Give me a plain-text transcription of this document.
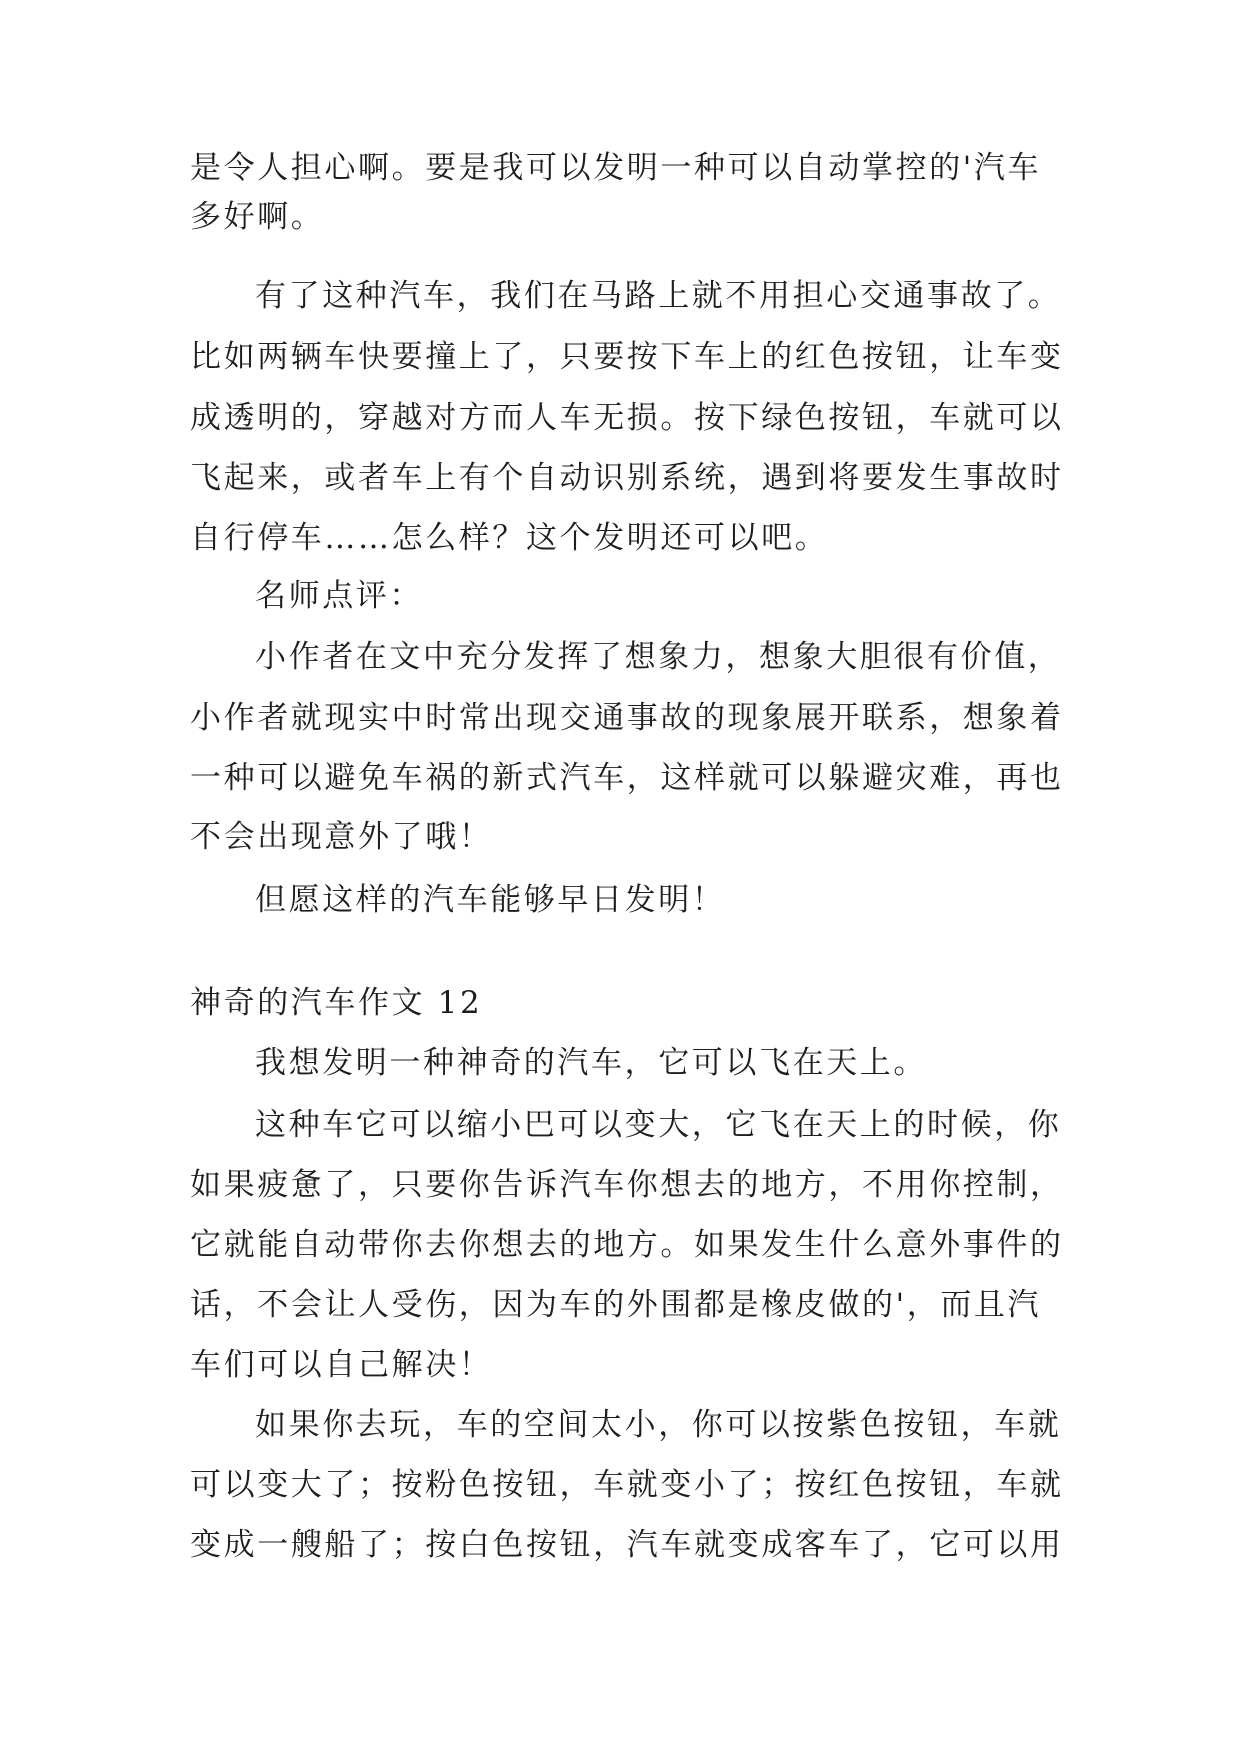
是令人担心啊。要是我可以发明一种可以自动掌控的'汽车
多好啊。
有了这种汽车，我们在马路上就不用担心交通事故了。
比如两辆车快要撞上了，只要按下车上的红色按钮，让车变
成透明的，穿越对方而人车无损。按下绿色按钮，车就可以
飞起来，或者车上有个自动识别系统，遇到将要发生事故时
自行停车……怎么样？这个发明还可以吧。
名师点评：
小作者在文中充分发挥了想象力，想象大胆很有价值，
小作者就现实中时常出现交通事故的现象展开联系，想象着
一种可以避免车祸的新式汽车，这样就可以躲避灾难，再也
不会出现意外了哦！
但愿这样的汽车能够早日发明！
神奇的汽车作文 12
我想发明一种神奇的汽车，它可以飞在天上。
这种车它可以缩小巴可以变大，它飞在天上的时候，你
如果疲惫了，只要你告诉汽车你想去的地方，不用你控制，
它就能自动带你去你想去的地方。如果发生什么意外事件的
话，不会让人受伤，因为车的外围都是橡皮做的'，而且汽
车们可以自己解决！
如果你去玩，车的空间太小，你可以按紫色按钮，车就
可以变大了；按粉色按钮，车就变小了；按红色按钮，车就
变成一艘船了；按白色按钮，汽车就变成客车了，它可以用
